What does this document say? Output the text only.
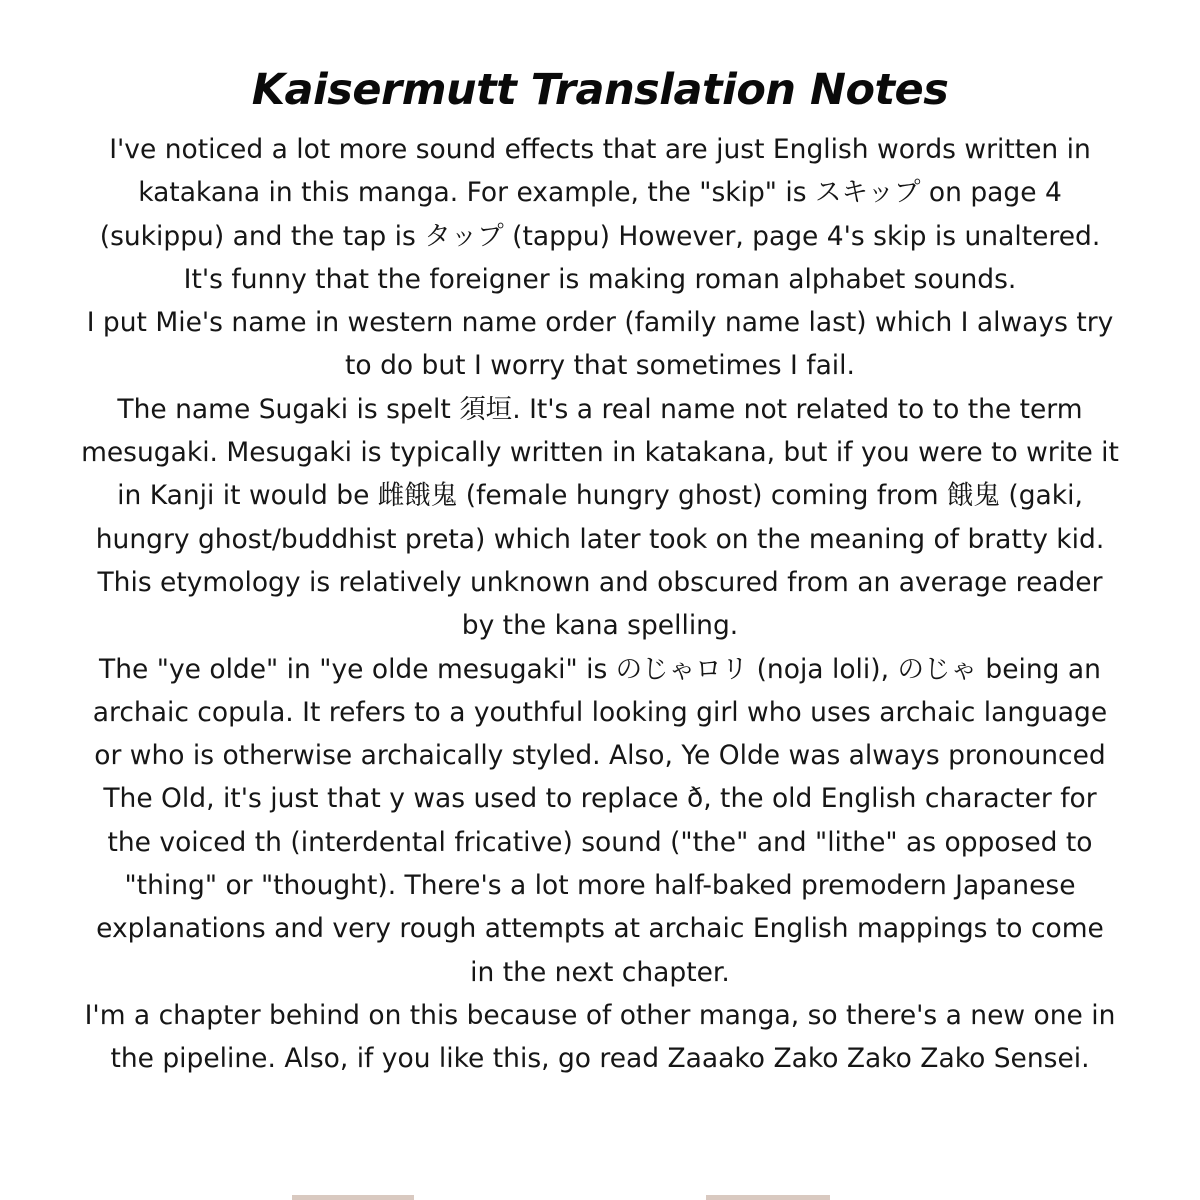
Kaisermutt Translation Notes

I've noticed a lot more sound effects that are just English words written in katakana in this manga. For example, the "skip" is スキップ on page 4 (sukippu) and the tap is タップ (tappu) However, page 4's skip is unaltered. It's funny that the foreigner is making roman alphabet sounds.

I put Mie's name in western name order (family name last) which I always try to do but I worry that sometimes I fail.

The name Sugaki is spelt 須垣. It's a real name not related to to the term mesugaki. Mesugaki is typically written in katakana, but if you were to write it in Kanji it would be 雌餓鬼 (female hungry ghost) coming from 餓鬼 (gaki, hungry ghost/buddhist preta) which later took on the meaning of bratty kid. This etymology is relatively unknown and obscured from an average reader by the kana spelling.

The "ye olde" in "ye olde mesugaki" is のじゃロリ (noja loli), のじゃ being an archaic copula. It refers to a youthful looking girl who uses archaic language or who is otherwise archaically styled. Also, Ye Olde was always pronounced The Old, it's just that y was used to replace ð, the old English character for the voiced th (interdental fricative) sound ("the" and "lithe" as opposed to "thing" or "thought). There's a lot more half-baked premodern Japanese explanations and very rough attempts at archaic English mappings to come in the next chapter.

I'm a chapter behind on this because of other manga, so there's a new one in the pipeline. Also, if you like this, go read Zaaako Zako Zako Zako Sensei.
